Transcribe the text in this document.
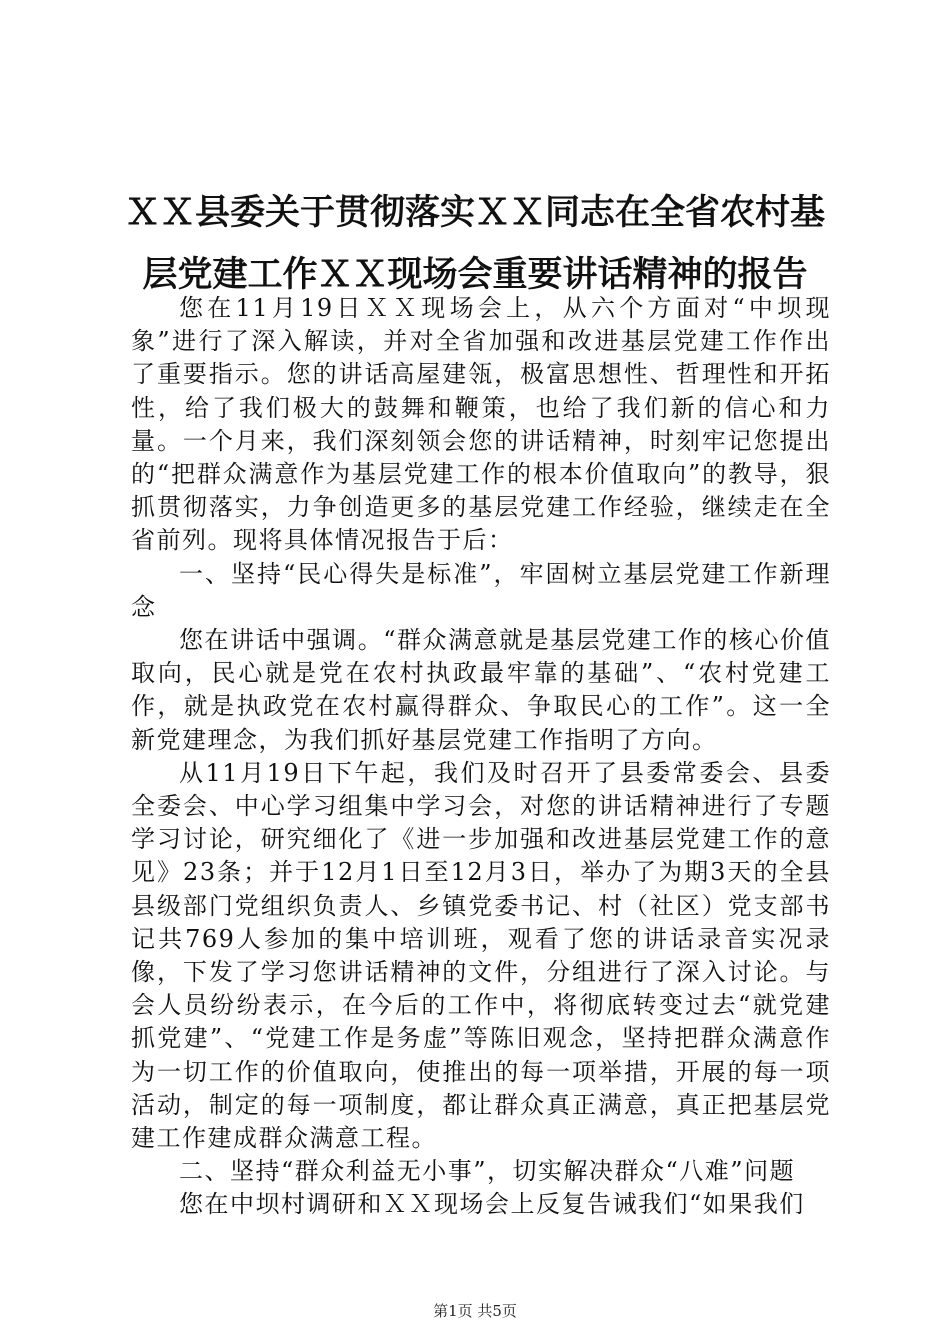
ＸＸ县委关于贯彻落实ＸＸ同志在全省农村基
层党建工作ＸＸ现场会重要讲话精神的报告

您在11月19日ＸＸ现场会上，从六个方面对“中坝现象”进行了深入解读，并对全省加强和改进基层党建工作作出了重要指示。您的讲话高屋建瓴，极富思想性、哲理性和开拓性，给了我们极大的鼓舞和鞭策，也给了我们新的信心和力量。一个月来，我们深刻领会您的讲话精神，时刻牢记您提出的“把群众满意作为基层党建工作的根本价值取向”的教导，狠抓贯彻落实，力争创造更多的基层党建工作经验，继续走在全省前列。现将具体情况报告于后：

一、坚持“民心得失是标准”，牢固树立基层党建工作新理念

您在讲话中强调。“群众满意就是基层党建工作的核心价值取向，民心就是党在农村执政最牢靠的基础”、“农村党建工作，就是执政党在农村赢得群众、争取民心的工作”。这一全新党建理念，为我们抓好基层党建工作指明了方向。

从11月19日下午起，我们及时召开了县委常委会、县委全委会、中心学习组集中学习会，对您的讲话精神进行了专题学习讨论，研究细化了《进一步加强和改进基层党建工作的意见》23条；并于12月1日至12月3日，举办了为期3天的全县县级部门党组织负责人、乡镇党委书记、村（社区）党支部书记共769人参加的集中培训班，观看了您的讲话录音实况录像，下发了学习您讲话精神的文件，分组进行了深入讨论。与会人员纷纷表示，在今后的工作中，将彻底转变过去“就党建抓党建”、“党建工作是务虚”等陈旧观念，坚持把群众满意作为一切工作的价值取向，使推出的每一项举措，开展的每一项活动，制定的每一项制度，都让群众真正满意，真正把基层党建工作建成群众满意工程。

二、坚持“群众利益无小事”，切实解决群众“八难”问题

您在中坝村调研和ＸＸ现场会上反复告诫我们“如果我们

第1页 共5页
